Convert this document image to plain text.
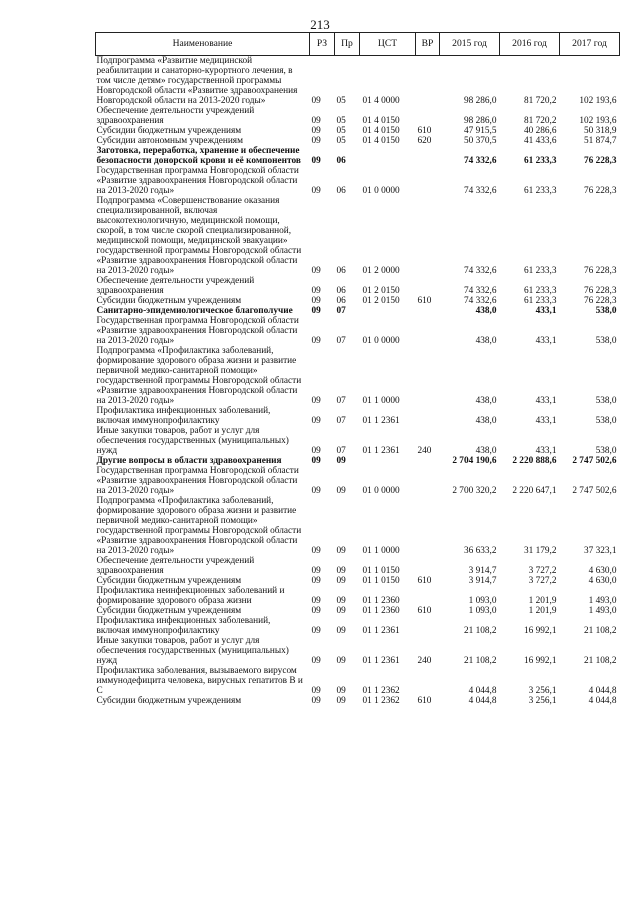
213
Наименование	РЗ	Пр	ЦСТ	ВР	2015 год	2016 год	2017 год
Подпрограмма «Развитие медицинской реабилитации и санаторно-курортного лечения, в том числе детям» государственной программы Новгородской области «Развитие здравоохранения Новгородской области на 2013-2020 годы»	09	05	01 4 0000		98 286,0	81 720,2	102 193,6
Обеспечение деятельности учреждений здравоохранения	09	05	01 4 0150		98 286,0	81 720,2	102 193,6
Субсидии бюджетным учреждениям	09	05	01 4 0150	610	47 915,5	40 286,6	50 318,9
Субсидии автономным учреждениям	09	05	01 4 0150	620	50 370,5	41 433,6	51 874,7
Заготовка, переработка, хранение и обеспечение безопасности донорской крови и её компонентов	09	06			74 332,6	61 233,3	76 228,3
Государственная программа Новгородской области «Развитие здравоохранения Новгородской области на 2013-2020 годы»	09	06	01 0 0000		74 332,6	61 233,3	76 228,3
Подпрограмма «Совершенствование оказания специализированной, включая высокотехнологичную, медицинской помощи, скорой, в том числе скорой специализированной, медицинской помощи, медицинской эвакуации» государственной программы Новгородской области «Развитие здравоохранения Новгородской области на 2013-2020 годы»	09	06	01 2 0000		74 332,6	61 233,3	76 228,3
Обеспечение деятельности учреждений здравоохранения	09	06	01 2 0150		74 332,6	61 233,3	76 228,3
Субсидии бюджетным учреждениям	09	06	01 2 0150	610	74 332,6	61 233,3	76 228,3
Санитарно-эпидемиологическое благополучие	09	07			438,0	433,1	538,0
Государственная программа Новгородской области «Развитие здравоохранения Новгородской области на 2013-2020 годы»	09	07	01 0 0000		438,0	433,1	538,0
Подпрограмма «Профилактика заболеваний, формирование здорового образа жизни и развитие первичной медико-санитарной помощи» государственной программы Новгородской области «Развитие здравоохранения Новгородской области на 2013-2020 годы»	09	07	01 1 0000		438,0	433,1	538,0
Профилактика инфекционных заболеваний, включая иммунопрофилактику	09	07	01 1 2361		438,0	433,1	538,0
Иные закупки товаров, работ и услуг для обеспечения государственных (муниципальных) нужд	09	07	01 1 2361	240	438,0	433,1	538,0
Другие вопросы в области здравоохранения	09	09			2 704 190,6	2 220 888,6	2 747 502,6
Государственная программа Новгородской области «Развитие здравоохранения Новгородской области на 2013-2020 годы»	09	09	01 0 0000		2 700 320,2	2 220 647,1	2 747 502,6
Подпрограмма «Профилактика заболеваний, формирование здорового образа жизни и развитие первичной медико-санитарной помощи» государственной программы Новгородской области «Развитие здравоохранения Новгородской области на 2013-2020 годы»	09	09	01 1 0000		36 633,2	31 179,2	37 323,1
Обеспечение деятельности учреждений здравоохранения	09	09	01 1 0150		3 914,7	3 727,2	4 630,0
Субсидии бюджетным учреждениям	09	09	01 1 0150	610	3 914,7	3 727,2	4 630,0
Профилактика неинфекционных заболеваний и формирование здорового образа жизни	09	09	01 1 2360		1 093,0	1 201,9	1 493,0
Субсидии бюджетным учреждениям	09	09	01 1 2360	610	1 093,0	1 201,9	1 493,0
Профилактика инфекционных заболеваний, включая иммунопрофилактику	09	09	01 1 2361		21 108,2	16 992,1	21 108,2
Иные закупки товаров, работ и услуг для обеспечения государственных (муниципальных) нужд	09	09	01 1 2361	240	21 108,2	16 992,1	21 108,2
Профилактика заболевания, вызываемого вирусом иммунодефицита человека, вирусных гепатитов В и С	09	09	01 1 2362		4 044,8	3 256,1	4 044,8
Субсидии бюджетным учреждениям	09	09	01 1 2362	610	4 044,8	3 256,1	4 044,8
